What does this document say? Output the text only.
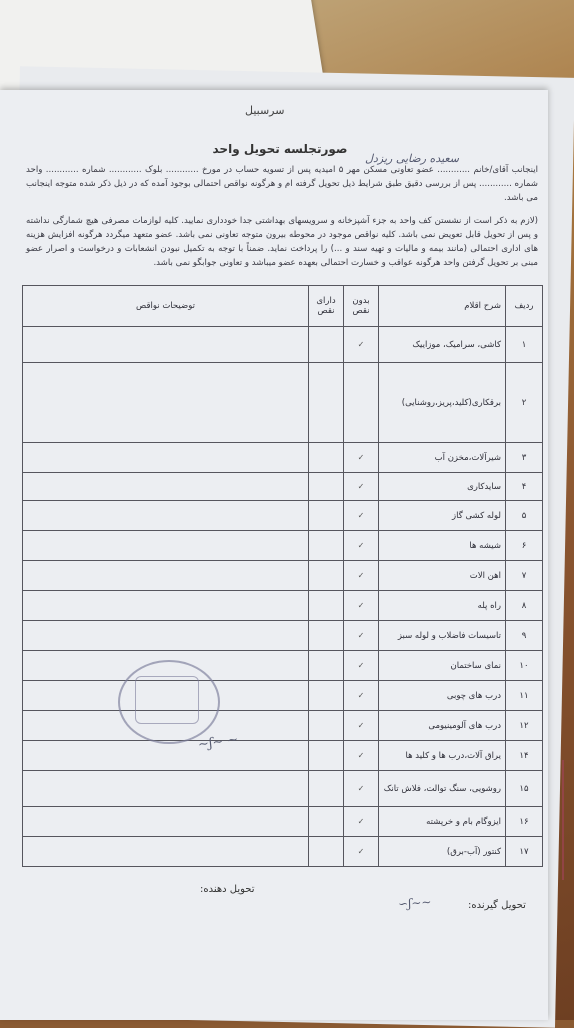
سرسبیل
صورتجلسه تحویل واحد
سعیده رضایی ریزدل
اینجانب آقای/خانم ............ عضو تعاونی مسکن مهر ۵ امیدیه پس از تسویه حساب در مورخ ............ بلوک ............ شماره ............ واحد شماره ............ پس از بررسی دقیق طبق شرایط ذیل تحویل گرفته ام و هرگونه نواقص احتمالی بوجود آمده که در ذیل ذکر شده متوجه اینجانب می باشد.
(لازم به ذکر است از نشستن کف واحد به جزء آشپزخانه و سرویسهای بهداشتی جدا خودداری نمایید. کلیه لوازمات مصرفی هیچ شمارگی نداشته و پس از تحویل قابل تعویض نمی باشد. کلیه نواقص موجود در محوطه بیرون متوجه تعاونی نمی باشد. عضو متعهد میگردد هرگونه افزایش هزینه های اداری احتمالی (مانند بیمه و مالیات و تهیه سند و ...) را پرداخت نماید. ضمناً با توجه به تکمیل نبودن انشعابات و درخواست و اصرار عضو مبنی بر تحویل گرفتن واحد هرگونه عواقب و خسارت احتمالی بعهده عضو میباشد و تعاونی جوابگو نمی باشد.
ردیف	شرح اقلام	بدون نقص	دارای نقص	توضیحات نواقص
۱	کاشی، سرامیک، موزاییک	✓		
۲	برقکاری(کلید،پریز،روشنایی)			
۳	شیرآلات،مخزن آب	✓		
۴	سایدکاری	✓		
۵	لوله کشی گاز	✓		
۶	شیشه ها	✓		
۷	اهن الات	✓		
۸	راه پله	✓		
۹	تاسیسات فاضلاب و لوله سبز	✓		
۱۰	نمای ساختمان	✓		
۱۱	درب های چوبی	✓		
۱۲	درب های آلومینیومی	✓		
۱۴	یراق آلات،درب ها و کلید ها	✓		
۱۵	روشویی، سنگ توالت، فلاش تانک	✓		
۱۶	ایزوگام بام و خرپشته	✓		
۱۷	کنتور (آب-برق)	✓		
~ʃ~ ∼
∽ʃ∼~	تحویل گیرنده:
تحویل دهنده:
